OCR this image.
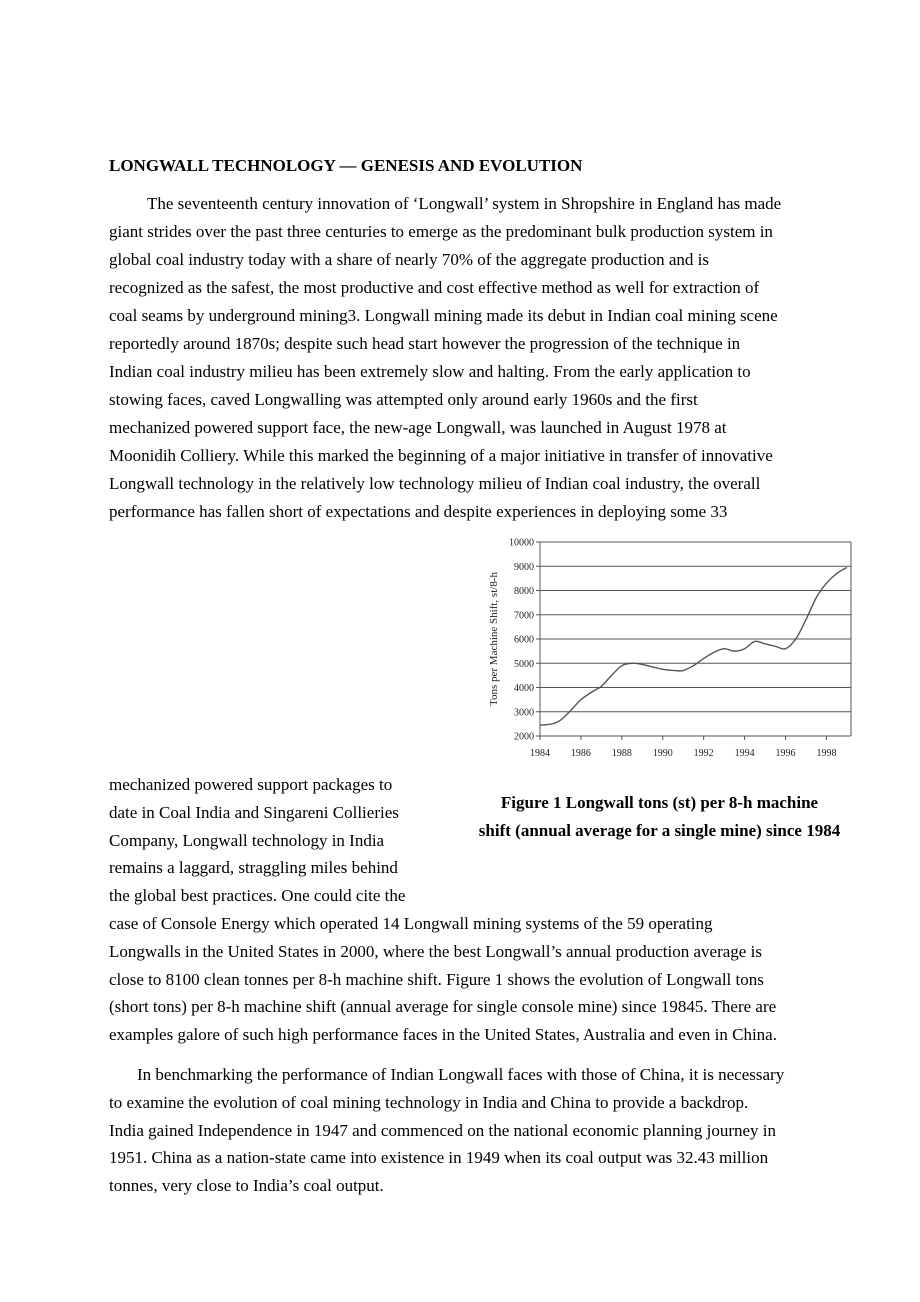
LONGWALL TECHNOLOGY — GENESIS AND EVOLUTION
The seventeenth century innovation of ‘Longwall’ system in Shropshire in England has made
giant strides over the past three centuries to emerge as the predominant bulk production system in
global coal industry today with a share of nearly 70% of the aggregate production and is
recognized as the safest, the most productive and cost effective method as well for extraction of
coal seams by underground mining3. Longwall mining made its debut in Indian coal mining scene
reportedly around 1870s; despite such head start however the progression of the technique in
Indian coal industry milieu has been extremely slow and halting. From the early application to
stowing faces, caved Longwalling was attempted only around early 1960s and the first
mechanized powered support face, the new-age Longwall, was launched in August 1978 at
Moonidih Colliery. While this marked the beginning of a major initiative in transfer of innovative
Longwall technology in the relatively low technology milieu of Indian coal industry, the overall
performance has fallen short of expectations and despite experiences in deploying some 33
mechanized powered support packages to
date in Coal India and Singareni Collieries
Company, Longwall technology in India
remains a laggard, straggling miles behind
the global best practices. One could cite the
case of Console Energy which operated 14 Longwall mining systems of the 59 operating
Longwalls in the United States in 2000, where the best Longwall’s annual production average is
close to 8100 clean tonnes per 8-h machine shift. Figure 1 shows the evolution of Longwall tons
(short tons) per 8-h machine shift (annual average for single console mine) since 19845. There are
examples galore of such high performance faces in the United States, Australia and even in China.
In benchmarking the performance of Indian Longwall faces with those of China, it is necessary
to examine the evolution of coal mining technology in India and China to provide a backdrop.
India gained Independence in 1947 and commenced on the national economic planning journey in
1951. China as a nation-state came into existence in 1949 when its coal output was 32.43 million
tonnes, very close to India’s coal output.
2000
3000
4000
5000
6000
7000
8000
9000
10000
1984 1986 1988 1990 1992 1994 1996 1998
Tons per Machine Shift, st/8-h
Figure 1 Longwall tons (st) per 8-h machine
shift (annual average for a single mine) since 1984
